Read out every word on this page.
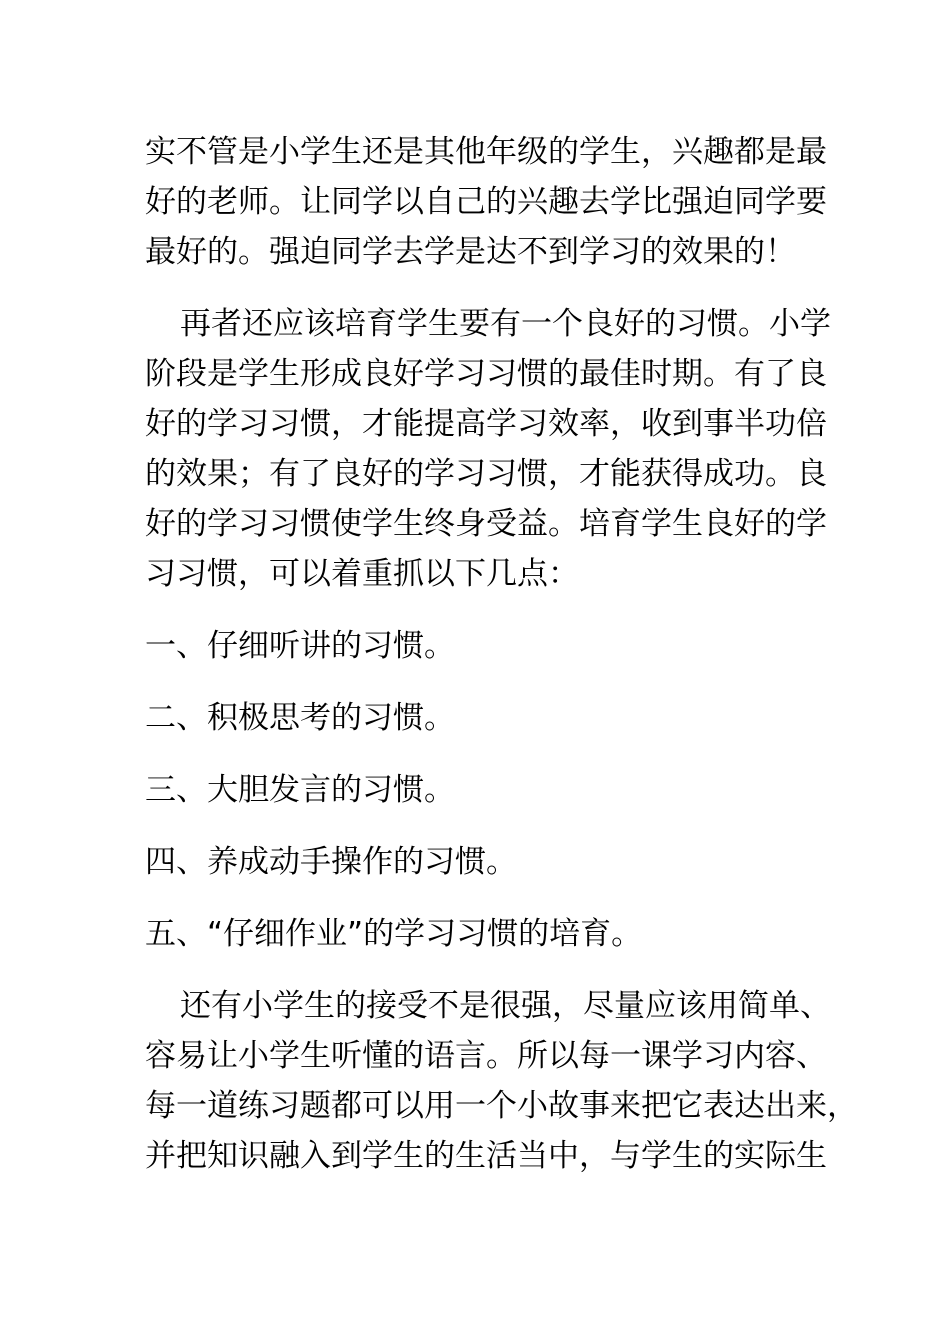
实不管是小学生还是其他年级的学生，兴趣都是最
好的老师。让同学以自己的兴趣去学比强迫同学要
最好的。强迫同学去学是达不到学习的效果的！
再者还应该培育学生要有一个良好的习惯。小学
阶段是学生形成良好学习习惯的最佳时期。有了良
好的学习习惯，才能提高学习效率，收到事半功倍
的效果；有了良好的学习习惯，才能获得成功。良
好的学习习惯使学生终身受益。培育学生良好的学
习习惯，可以着重抓以下几点：
一、仔细听讲的习惯。
二、积极思考的习惯。
三、大胆发言的习惯。
四、养成动手操作的习惯。
五、“仔细作业”的学习习惯的培育。
还有小学生的接受不是很强，尽量应该用简单、
容易让小学生听懂的语言。所以每一课学习内容、
每一道练习题都可以用一个小故事来把它表达出来，
并把知识融入到学生的生活当中，与学生的实际生
